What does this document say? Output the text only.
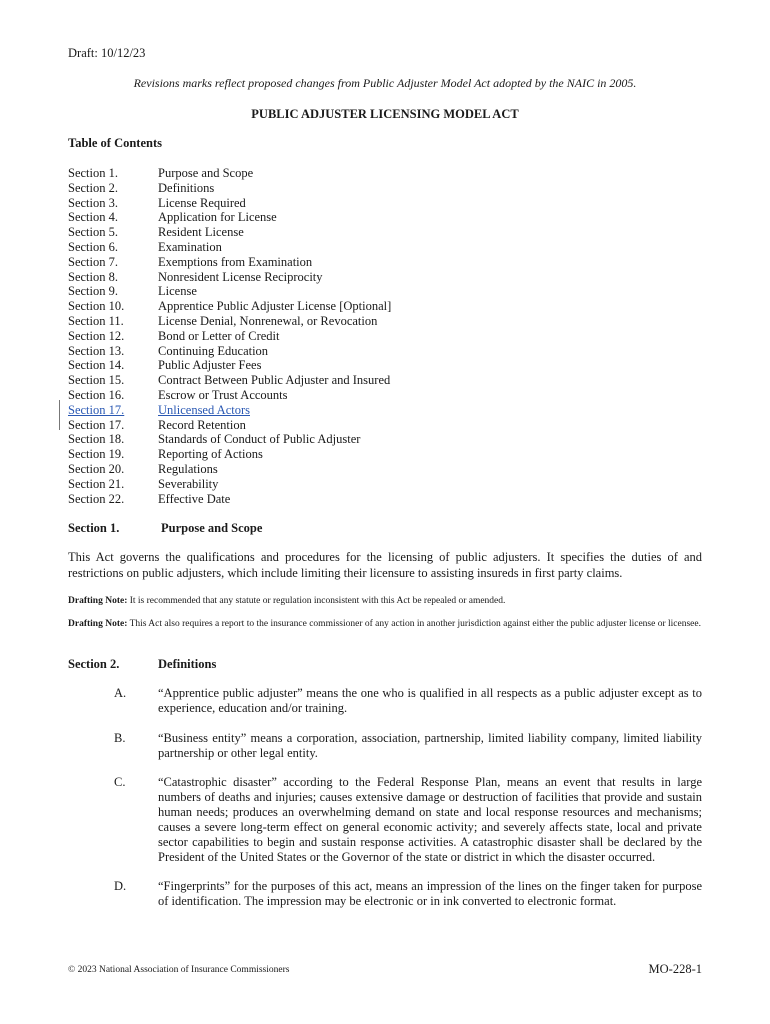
Draft: 10/12/23
Revisions marks reflect proposed changes from Public Adjuster Model Act adopted by the NAIC in 2005.
PUBLIC ADJUSTER LICENSING MODEL ACT
Table of Contents
Section 1.	Purpose and Scope
Section 2.	Definitions
Section 3.	License Required
Section 4.	Application for License
Section 5.	Resident License
Section 6.	Examination
Section 7.	Exemptions from Examination
Section 8.	Nonresident License Reciprocity
Section 9.	License
Section 10.	Apprentice Public Adjuster License [Optional]
Section 11.	License Denial, Nonrenewal, or Revocation
Section 12.	Bond or Letter of Credit
Section 13.	Continuing Education
Section 14.	Public Adjuster Fees
Section 15.	Contract Between Public Adjuster and Insured
Section 16.	Escrow or Trust Accounts
Section 17.	Unlicensed Actors
Section 17.	Record Retention
Section 18.	Standards of Conduct of Public Adjuster
Section 19.	Reporting of Actions
Section 20.	Regulations
Section 21.	Severability
Section 22.	Effective Date
Section 1.	Purpose and Scope
This Act governs the qualifications and procedures for the licensing of public adjusters. It specifies the duties of and restrictions on public adjusters, which include limiting their licensure to assisting insureds in first party claims.
Drafting Note: It is recommended that any statute or regulation inconsistent with this Act be repealed or amended.
Drafting Note: This Act also requires a report to the insurance commissioner of any action in another jurisdiction against either the public adjuster license or licensee.
Section 2.	Definitions
A.	“Apprentice public adjuster” means the one who is qualified in all respects as a public adjuster except as to experience, education and/or training.
B.	“Business entity” means a corporation, association, partnership, limited liability company, limited liability partnership or other legal entity.
C.	“Catastrophic disaster” according to the Federal Response Plan, means an event that results in large numbers of deaths and injuries; causes extensive damage or destruction of facilities that provide and sustain human needs; produces an overwhelming demand on state and local response resources and mechanisms; causes a severe long-term effect on general economic activity; and severely affects state, local and private sector capabilities to begin and sustain response activities. A catastrophic disaster shall be declared by the President of the United States or the Governor of the state or district in which the disaster occurred.
D.	“Fingerprints” for the purposes of this act, means an impression of the lines on the finger taken for purpose of identification. The impression may be electronic or in ink converted to electronic format.
© 2023 National Association of Insurance Commissioners	MO-228-1
